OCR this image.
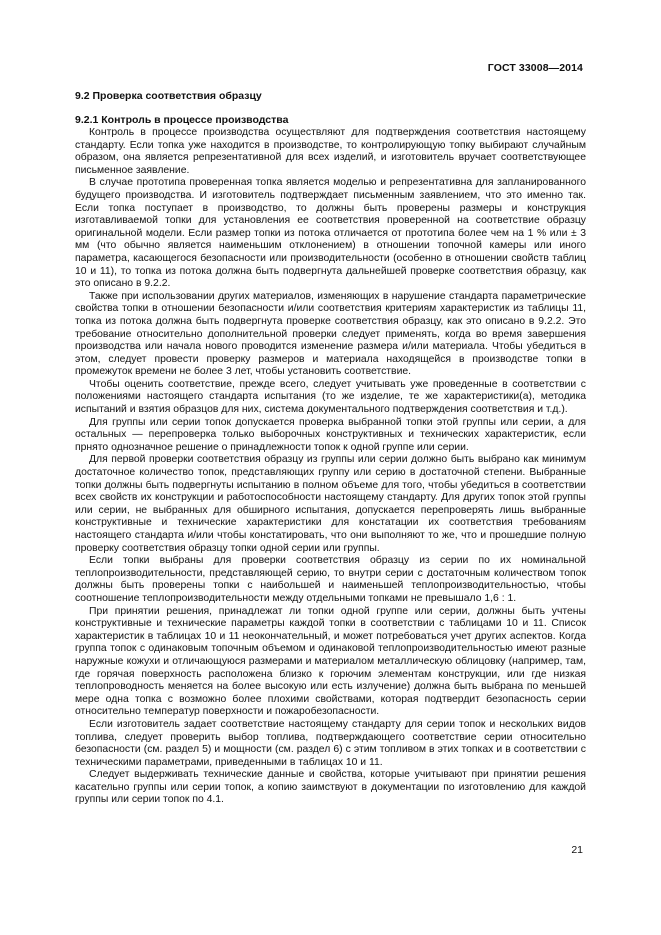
ГОСТ 33008—2014

9.2 Проверка соответствия образцу

9.2.1 Контроль в процессе производства

Контроль в процессе производства осуществляют для подтверждения соответствия настоящему стандарту. Если топка уже находится в производстве, то контролирующую топку выбирают случайным образом, она является репрезентативной для всех изделий, и изготовитель вручает соответствующее письменное заявление.

В случае прототипа проверенная топка является моделью и репрезентативна для запланированного будущего производства. И изготовитель подтверждает письменным заявлением, что это именно так. Если топка поступает в производство, то должны быть проверены размеры и конструкция изготавливаемой топки для установления ее соответствия проверенной на соответствие образцу оригинальной модели. Если размер топки из потока отличается от прототипа более чем на 1 % или ± 3 мм (что обычно является наименьшим отклонением) в отношении топочной камеры или иного параметра, касающегося безопасности или производительности (особенно в отношении свойств таблиц 10 и 11), то топка из потока должна быть подвергнута дальнейшей проверке соответствия образцу, как это описано в 9.2.2.

Также при использовании других материалов, изменяющих в нарушение стандарта параметрические свойства топки в отношении безопасности и/или соответствия критериям характеристик из таблицы 11, топка из потока должна быть подвергнута проверке соответствия образцу, как это описано в 9.2.2. Это требование относительно дополнительной проверки следует применять, когда во время завершения производства или начала нового проводится изменение размера и/или материала. Чтобы убедиться в этом, следует провести проверку размеров и материала находящейся в производстве топки в промежуток времени не более 3 лет, чтобы установить соответствие.

Чтобы оценить соответствие, прежде всего, следует учитывать уже проведенные в соответствии с положениями настоящего стандарта испытания (то же изделие, те же характеристики(а), методика испытаний и взятия образцов для них, система документального подтверждения соответствия и т.д.).

Для группы или серии топок допускается проверка выбранной топки этой группы или серии, а для остальных — перепроверка только выборочных конструктивных и технических характеристик, если прнято однозначное решение о принадлежности топок к одной группе или серии.

Для первой проверки соответствия образцу из группы или серии должно быть выбрано как минимум достаточное количество топок, представляющих группу или серию в достаточной степени. Выбранные топки должны быть подвергнуты испытанию в полном объеме для того, чтобы убедиться в соответствии всех свойств их конструкции и работоспособности настоящему стандарту. Для других топок этой группы или серии, не выбранных для обширного испытания, допускается перепроверять лишь выбранные конструктивные и технические характеристики для констатации их соответствия требованиям настоящего стандарта и/или чтобы констатировать, что они выполняют то же, что и прошедшие полную проверку соответствия образцу топки одной серии или группы.

Если топки выбраны для проверки соответствия образцу из серии по их номинальной теплопроизводительности, представляющей серию, то внутри серии с достаточным количеством топок должны быть проверены топки с наибольшей и наименьшей теплопроизводительностью, чтобы соотношение теплопроизводительности между отдельными топками не превышало 1,6 : 1.

При принятии решения, принадлежат ли топки одной группе или серии, должны быть учтены конструктивные и технические параметры каждой топки в соответствии с таблицами 10 и 11. Список характеристик в таблицах 10 и 11 неокончательный, и может потребоваться учет других аспектов. Когда группа топок с одинаковым топочным объемом и одинаковой теплопроизводительностью имеют разные наружные кожухи и отличающуюся размерами и материалом металлическую облицовку (например, там, где горячая поверхность расположена близко к горючим элементам конструкции, или где низкая теплопроводность меняется на более высокую или есть излучение) должна быть выбрана по меньшей мере одна топка с возможно более плохими свойствами, которая подтвердит безопасность серии относительно температур поверхности и пожаробезопасности.

Если изготовитель задает соответствие настоящему стандарту для серии топок и нескольких видов топлива, следует проверить выбор топлива, подтверждающего соответствие серии относительно безопасности (см. раздел 5) и мощности (см. раздел 6) с этим топливом в этих топках и в соответствии с техническими параметрами, приведенными в таблицах 10 и 11.

Следует выдерживать технические данные и свойства, которые учитывают при принятии решения касательно группы или серии топок, а копию заимствуют в документации по изготовлению для каждой группы или серии топок по 4.1.

21
